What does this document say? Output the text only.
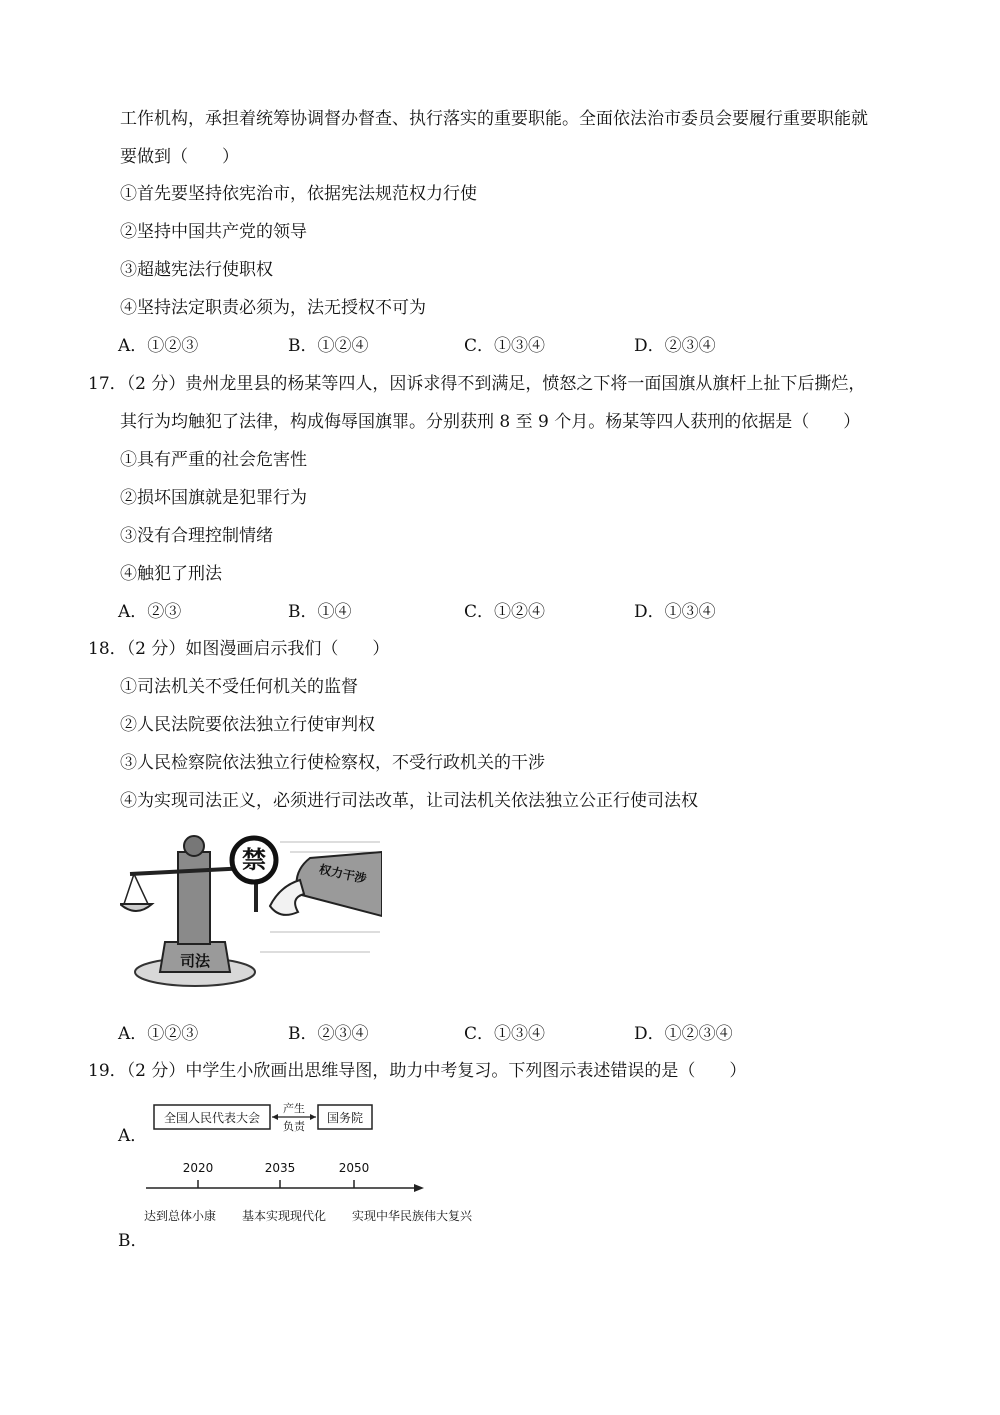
工作机构，承担着统筹协调督办督查、执行落实的重要职能。全面依法治市委员会要履行重要职能就
要做到（　　）
①首先要坚持依宪治市，依据宪法规范权力行使
②坚持中国共产党的领导
③超越宪法行使职权
④坚持法定职责必须为，法无授权不可为
A．①②③	B．①②④	C．①③④	D．②③④
17．（2 分）贵州龙里县的杨某等四人，因诉求得不到满足，愤怒之下将一面国旗从旗杆上扯下后撕烂，
其行为均触犯了法律，构成侮辱国旗罪。分别获刑 8 至 9 个月。杨某等四人获刑的依据是（　　）
①具有严重的社会危害性
②损坏国旗就是犯罪行为
③没有合理控制情绪
④触犯了刑法
A．②③	B．①④	C．①②④	D．①③④
18．（2 分）如图漫画启示我们（　　）
①司法机关不受任何机关的监督
②人民法院要依法独立行使审判权
③人民检察院依法独立行使检察权，不受行政机关的干涉
④为实现司法正义，必须进行司法改革，让司法机关依法独立公正行使司法权
司法
禁
权力干涉
A．①②③	B．②③④	C．①③④	D．①②③④
19．（2 分）中学生小欣画出思维导图，助力中考复习。下列图示表述错误的是（　　）
A．
全国人民代表大会	国务院
产生
负责
2020	2035	2050
达到总体小康 基本实现现代化 实现中华民族伟大复兴
B．
